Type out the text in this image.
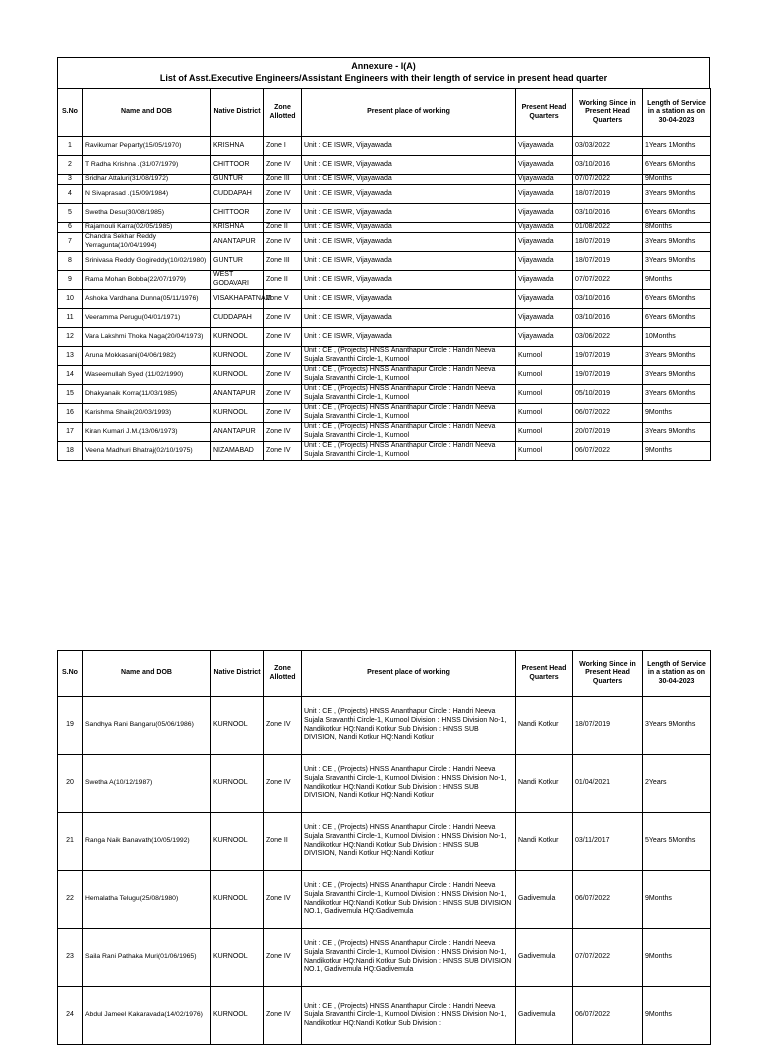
Annexure - I(A)
List of Asst.Executive Engineers/Assistant Engineers with their length of service in present head quarter
S.No	Name and DOB	Native District	Zone Allotted	Present place of working	Present Head Quarters	Working Since in Present Head Quarters	Length of Service in a station as on 30-04-2023
1	Ravikumar Peparty(15/05/1970)	KRISHNA	Zone I	Unit : CE ISWR, Vijayawada	Vijayawada	03/03/2022	1Years 1Months
2	T Radha Krishna .(31/07/1979)	CHITTOOR	Zone IV	Unit : CE ISWR, Vijayawada	Vijayawada	03/10/2016	6Years 6Months
3	Sridhar Attaluri(31/08/1972)	GUNTUR	Zone III	Unit : CE ISWR, Vijayawada	Vijayawada	07/07/2022	9Months
4	N Sivaprasad .(15/09/1984)	CUDDAPAH	Zone IV	Unit : CE ISWR, Vijayawada	Vijayawada	18/07/2019	3Years 9Months
5	Swetha Desu(30/08/1985)	CHITTOOR	Zone IV	Unit : CE ISWR, Vijayawada	Vijayawada	03/10/2016	6Years 6Months
6	Rajamouli Karra(02/05/1985)	KRISHNA	Zone II	Unit : CE ISWR, Vijayawada	Vijayawada	01/08/2022	8Months
7	Chandra Sekhar Reddy Yerragunta(10/04/1994)	ANANTAPUR	Zone IV	Unit : CE ISWR, Vijayawada	Vijayawada	18/07/2019	3Years 9Months
8	Srinivasa Reddy Gogireddy(10/02/1980)	GUNTUR	Zone III	Unit : CE ISWR, Vijayawada	Vijayawada	18/07/2019	3Years 9Months
9	Rama Mohan Bobba(22/07/1979)	WEST GODAVARI	Zone II	Unit : CE ISWR, Vijayawada	Vijayawada	07/07/2022	9Months
10	Ashoka Vardhana Dunna(05/11/1976)	VISAKHAPATNAM	Zone V	Unit : CE ISWR, Vijayawada	Vijayawada	03/10/2016	6Years 6Months
11	Veeramma Perugu(04/01/1971)	CUDDAPAH	Zone IV	Unit : CE ISWR, Vijayawada	Vijayawada	03/10/2016	6Years 6Months
12	Vara Lakshmi Thoka Naga(20/04/1973)	KURNOOL	Zone IV	Unit : CE ISWR, Vijayawada	Vijayawada	03/06/2022	10Months
13	Aruna Mokkasani(04/06/1982)	KURNOOL	Zone IV	Unit : CE , (Projects) HNSS Ananthapur Circle : Handri Neeva Sujala Sravanthi Circle-1, Kurnool	Kurnool	19/07/2019	3Years 9Months
14	Waseemullah Syed (11/02/1990)	KURNOOL	Zone IV	Unit : CE , (Projects) HNSS Ananthapur Circle : Handri Neeva Sujala Sravanthi Circle-1, Kurnool	Kurnool	19/07/2019	3Years 9Months
15	Dhakyanaik Korra(11/03/1985)	ANANTAPUR	Zone IV	Unit : CE , (Projects) HNSS Ananthapur Circle : Handri Neeva Sujala Sravanthi Circle-1, Kurnool	Kurnool	05/10/2019	3Years 6Months
16	Karishma Shaik(20/03/1993)	KURNOOL	Zone IV	Unit : CE , (Projects) HNSS Ananthapur Circle : Handri Neeva Sujala Sravanthi Circle-1, Kurnool	Kurnool	06/07/2022	9Months
17	Kiran Kumari J.M.(13/06/1973)	ANANTAPUR	Zone IV	Unit : CE , (Projects) HNSS Ananthapur Circle : Handri Neeva Sujala Sravanthi Circle-1, Kurnool	Kurnool	20/07/2019	3Years 9Months
18	Veena Madhuri Bhatraj(02/10/1975)	NIZAMABAD	Zone IV	Unit : CE , (Projects) HNSS Ananthapur Circle : Handri Neeva Sujala Sravanthi Circle-1, Kurnool	Kurnool	06/07/2022	9Months
S.No	Name and DOB	Native District	Zone Allotted	Present place of working	Present Head Quarters	Working Since in Present Head Quarters	Length of Service in a station as on 30-04-2023
19	Sandhya Rani Bangaru(05/06/1986)	KURNOOL	Zone IV	Unit : CE , (Projects) HNSS Ananthapur Circle : Handri Neeva Sujala Sravanthi Circle-1, Kurnool Division : HNSS Division No-1, Nandikotkur HQ:Nandi Kotkur Sub Division : HNSS SUB DIVISION, Nandi Kotkur HQ:Nandi Kotkur	Nandi Kotkur	18/07/2019	3Years 9Months
20	Swetha A(10/12/1987)	KURNOOL	Zone IV	Unit : CE , (Projects) HNSS Ananthapur Circle : Handri Neeva Sujala Sravanthi Circle-1, Kurnool Division : HNSS Division No-1, Nandikotkur HQ:Nandi Kotkur Sub Division : HNSS SUB DIVISION, Nandi Kotkur HQ:Nandi Kotkur	Nandi Kotkur	01/04/2021	2Years
21	Ranga Naik Banavath(10/05/1992)	KURNOOL	Zone II	Unit : CE , (Projects) HNSS Ananthapur Circle : Handri Neeva Sujala Sravanthi Circle-1, Kurnool Division : HNSS Division No-1, Nandikotkur HQ:Nandi Kotkur Sub Division : HNSS SUB DIVISION, Nandi Kotkur HQ:Nandi Kotkur	Nandi Kotkur	03/11/2017	5Years 5Months
22	Hemalatha Telugu(25/08/1980)	KURNOOL	Zone IV	Unit : CE , (Projects) HNSS Ananthapur Circle : Handri Neeva Sujala Sravanthi Circle-1, Kurnool Division : HNSS Division No-1, Nandikotkur HQ:Nandi Kotkur Sub Division : HNSS SUB DIVISION NO.1, Gadivemula HQ:Gadivemula	Gadivemula	06/07/2022	9Months
23	Saila Rani Pathaka Muri(01/06/1965)	KURNOOL	Zone IV	Unit : CE , (Projects) HNSS Ananthapur Circle : Handri Neeva Sujala Sravanthi Circle-1, Kurnool Division : HNSS Division No-1, Nandikotkur HQ:Nandi Kotkur Sub Division : HNSS SUB DIVISION NO.1, Gadivemula HQ:Gadivemula	Gadivemula	07/07/2022	9Months
24	Abdul Jameel Kakaravada(14/02/1976)	KURNOOL	Zone IV	Unit : CE , (Projects) HNSS Ananthapur Circle : Handri Neeva Sujala Sravanthi Circle-1, Kurnool Division : HNSS Division No-1, Nandikotkur HQ:Nandi Kotkur Sub Division :	Gadivemula	06/07/2022	9Months
